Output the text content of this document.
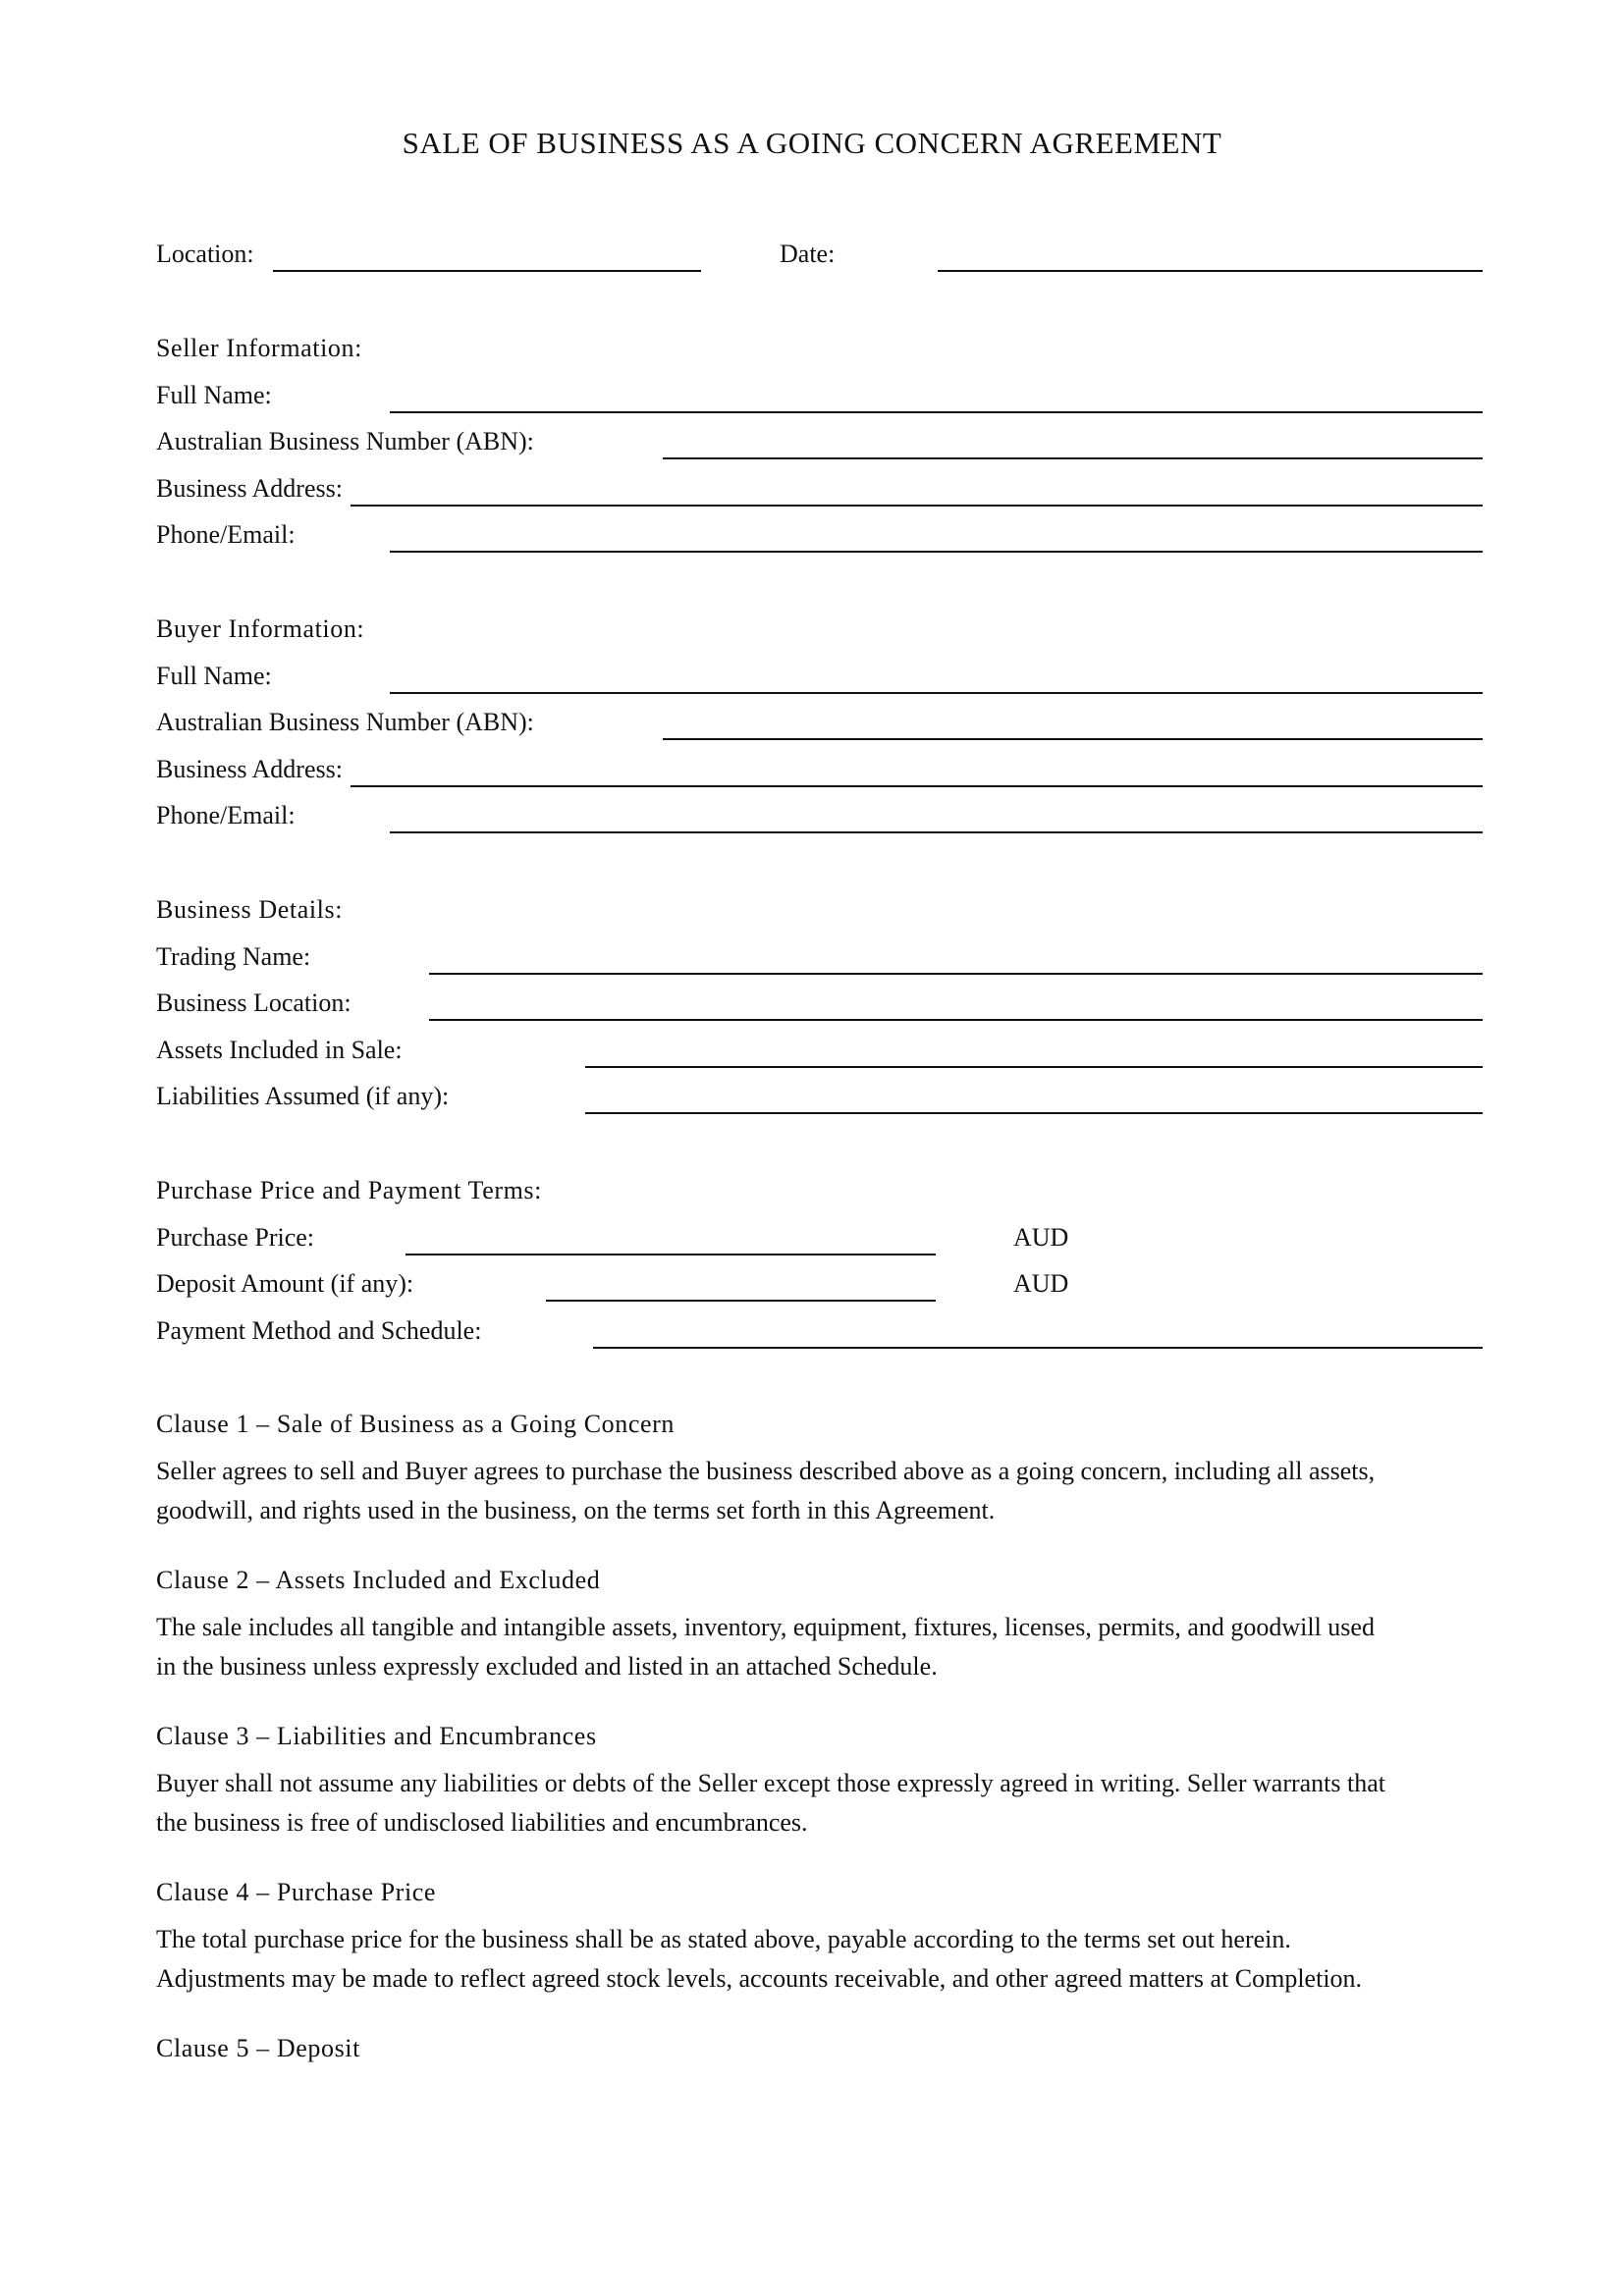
SALE OF BUSINESS AS A GOING CONCERN AGREEMENT
Location:	Date:
Seller Information:
Full Name:
Australian Business Number (ABN):
Business Address:
Phone/Email:
Buyer Information:
Full Name:
Australian Business Number (ABN):
Business Address:
Phone/Email:
Business Details:
Trading Name:
Business Location:
Assets Included in Sale:
Liabilities Assumed (if any):
Purchase Price and Payment Terms:
Purchase Price:	AUD
Deposit Amount (if any):	AUD
Payment Method and Schedule:
Clause 1 – Sale of Business as a Going Concern
Seller agrees to sell and Buyer agrees to purchase the business described above as a going concern, including all assets,
goodwill, and rights used in the business, on the terms set forth in this Agreement.
Clause 2 – Assets Included and Excluded
The sale includes all tangible and intangible assets, inventory, equipment, fixtures, licenses, permits, and goodwill used
in the business unless expressly excluded and listed in an attached Schedule.
Clause 3 – Liabilities and Encumbrances
Buyer shall not assume any liabilities or debts of the Seller except those expressly agreed in writing. Seller warrants that
the business is free of undisclosed liabilities and encumbrances.
Clause 4 – Purchase Price
The total purchase price for the business shall be as stated above, payable according to the terms set out herein.
Adjustments may be made to reflect agreed stock levels, accounts receivable, and other agreed matters at Completion.
Clause 5 – Deposit
